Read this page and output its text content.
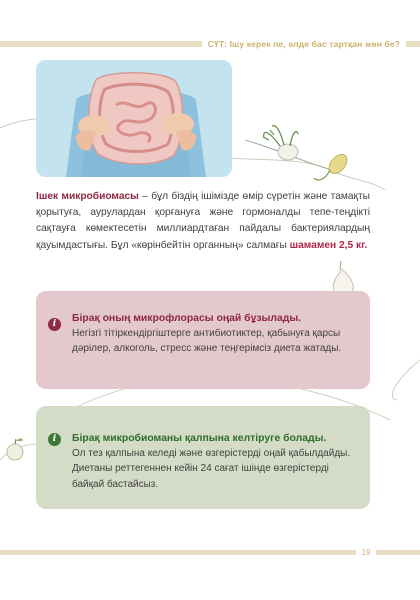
СҮТ: Ішу керек пе, әлде бас тартқан жөн бе?
Ішек микробиомасы – бұл біздің ішімізде өмір сүретін және тамақты қорытуға, аурулардан қорғануға және гормоналды тепе-теңдікті сақтауға көмектесетін миллиардтаған пайдалы бактериялардың қауымдастығы. Бұл «көрінбейтін органның» салмағы шамамен 2,5 кг.
i	Бірақ оның микрофлорасы оңай бұзылады.
Негізгі тітіркендіргіштерге антибиотиктер, қабынуға қарсы дәрілер, алкоголь, стресс және теңгерімсіз диета жатады.
i	Бірақ микробиоманы қалпына келтіруге болады.
Ол тез қалпына келеді және өзгерістерді оңай қабылдайды. Диетаны реттегеннен кейін 24 сағат ішінде өзгерістерді байқай бастайсыз.
19
